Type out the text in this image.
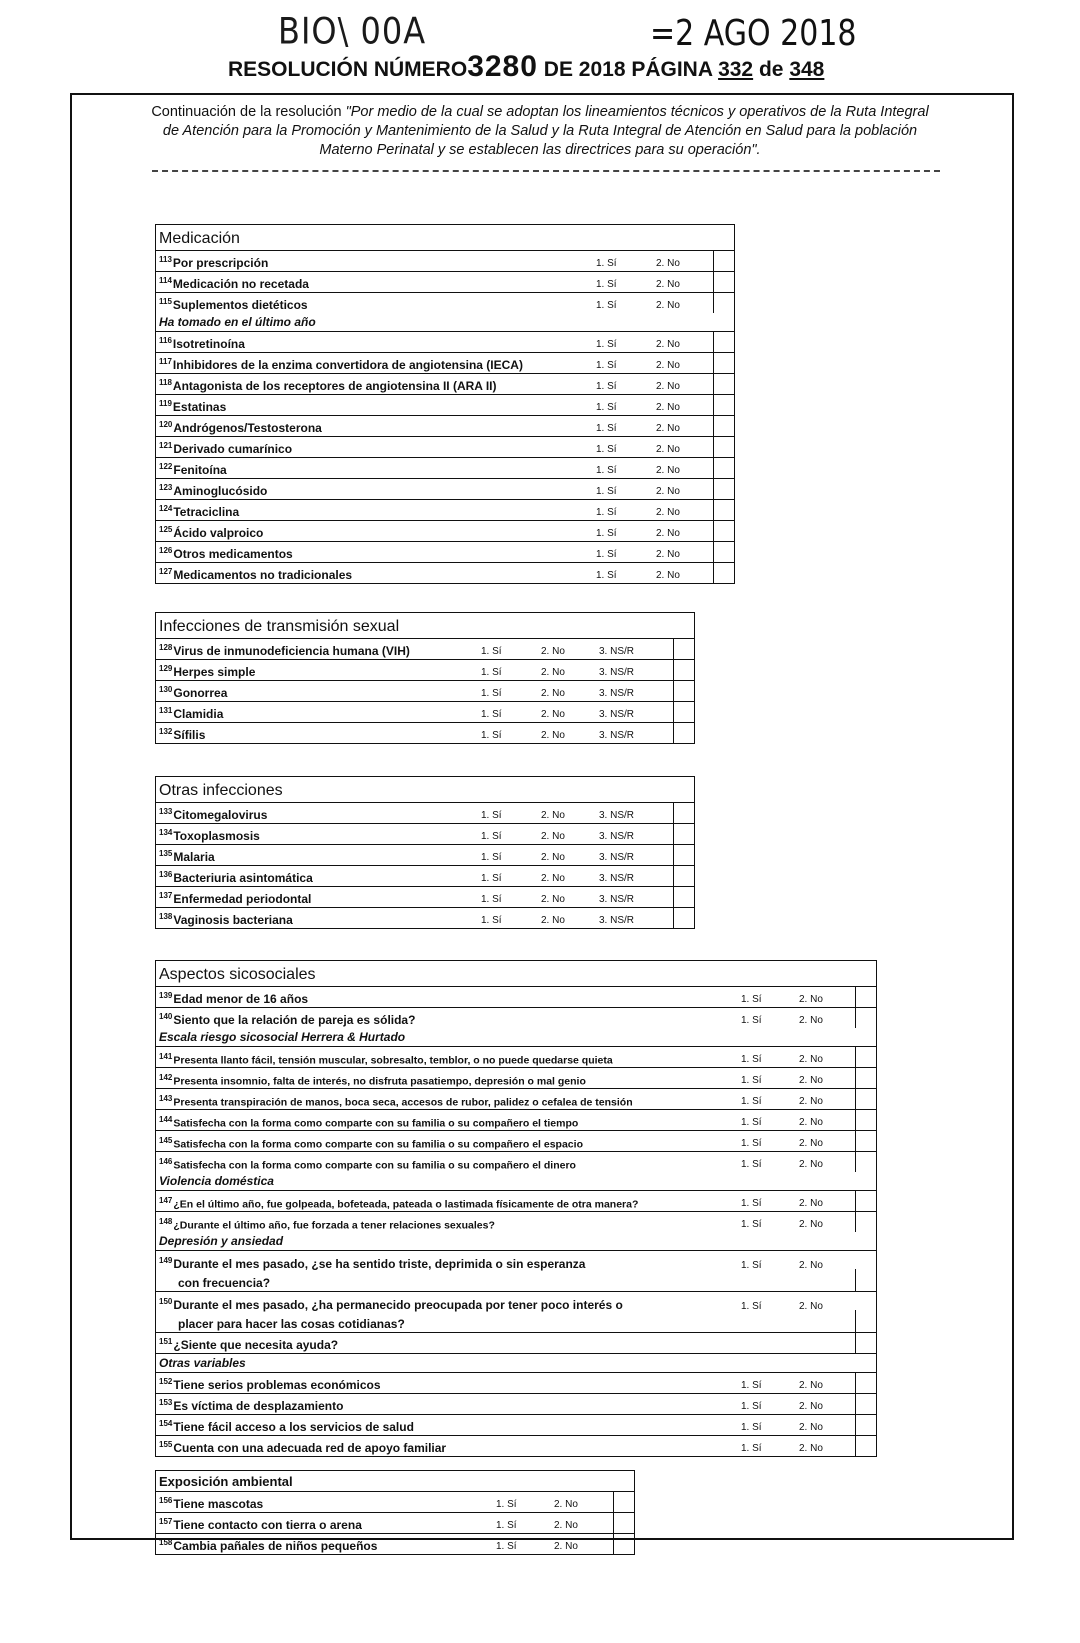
BIO\ 00A	=2 AGO 2018
RESOLUCIÓN NÚMERO3280 DE 2018 PÁGINA 332 de 348
Continuación de la resolución "Por medio de la cual se adoptan los lineamientos técnicos y operativos de la Ruta Integral de Atención para la Promoción y Mantenimiento de la Salud y la Ruta Integral de Atención en Salud para la población Materno Perinatal y se establecen las directrices para su operación".
Medicación
$^{113}$Por prescripción	1. Sí	2. No
$^{114}$Medicación no recetada	1. Sí	2. No
$^{115}$Suplementos dietéticos	1. Sí	2. No
Ha tomado en el último año
$^{116}$Isotretinoína	1. Sí	2. No
$^{117}$Inhibidores de la enzima convertidora de angiotensina (IECA)	1. Sí	2. No
$^{118}$Antagonista de los receptores de angiotensina II (ARA II)	1. Sí	2. No
$^{119}$Estatinas	1. Sí	2. No
$^{120}$Andrógenos/Testosterona	1. Sí	2. No
$^{121}$Derivado cumarínico	1. Sí	2. No
$^{122}$Fenitoína	1. Sí	2. No
$^{123}$Aminoglucósido	1. Sí	2. No
$^{124}$Tetraciclina	1. Sí	2. No
$^{125}$Ácido valproico	1. Sí	2. No
$^{126}$Otros medicamentos	1. Sí	2. No
$^{127}$Medicamentos no tradicionales	1. Sí	2. No
Infecciones de transmisión sexual
$^{128}$Virus de inmunodeficiencia humana (VIH)	1. Sí	2. No	3. NS/R
$^{129}$Herpes simple	1. Sí	2. No	3. NS/R
$^{130}$Gonorrea	1. Sí	2. No	3. NS/R
$^{131}$Clamidia	1. Sí	2. No	3. NS/R
$^{132}$Sífilis	1. Sí	2. No	3. NS/R
Otras infecciones
$^{133}$Citomegalovirus	1. Sí	2. No	3. NS/R
$^{134}$Toxoplasmosis	1. Sí	2. No	3. NS/R
$^{135}$Malaria	1. Sí	2. No	3. NS/R
$^{136}$Bacteriuria asintomática	1. Sí	2. No	3. NS/R
$^{137}$Enfermedad periodontal	1. Sí	2. No	3. NS/R
$^{138}$Vaginosis bacteriana	1. Sí	2. No	3. NS/R
Aspectos sicosociales
$^{139}$Edad menor de 16 años	1. Sí	2. No
$^{140}$Siento que la relación de pareja es sólida?	1. Sí	2. No
Escala riesgo sicosocial Herrera & Hurtado
$^{141}$Presenta llanto fácil, tensión muscular, sobresalto, temblor, o no puede quedarse quieta	1. Sí	2. No
$^{142}$Presenta insomnio, falta de interés, no disfruta pasatiempo, depresión o mal genio	1. Sí	2. No
$^{143}$Presenta transpiración de manos, boca seca, accesos de rubor, palidez o cefalea de tensión	1. Sí	2. No
$^{144}$Satisfecha con la forma como comparte con su familia o su compañero el tiempo	1. Sí	2. No
$^{145}$Satisfecha con la forma como comparte con su familia o su compañero el espacio	1. Sí	2. No
$^{146}$Satisfecha con la forma como comparte con su familia o su compañero el dinero	1. Sí	2. No
Violencia doméstica
$^{147}$¿En el último año, fue golpeada, bofeteada, pateada o lastimada físicamente de otra manera?	1. Sí	2. No
$^{148}$¿Durante el último año, fue forzada a tener relaciones sexuales?	1. Sí	2. No
Depresión y ansiedad
$^{149}$Durante el mes pasado, ¿se ha sentido triste, deprimida o sin esperanza
con frecuencia?
1. Sí	2. No
$^{150}$Durante el mes pasado, ¿ha permanecido preocupada por tener poco interés o
placer para hacer las cosas cotidianas?
1. Sí	2. No
$^{151}$¿Siente que necesita ayuda?
Otras variables
$^{152}$Tiene serios problemas económicos	1. Sí	2. No
$^{153}$Es víctima de desplazamiento	1. Sí	2. No
$^{154}$Tiene fácil acceso a los servicios de salud	1. Sí	2. No
$^{155}$Cuenta con una adecuada red de apoyo familiar	1. Sí	2. No
Exposición ambiental
$^{156}$Tiene mascotas	1. Sí	2. No
$^{157}$Tiene contacto con tierra o arena	1. Sí	2. No
$^{158}$Cambia pañales de niños pequeños	1. Sí	2. No
